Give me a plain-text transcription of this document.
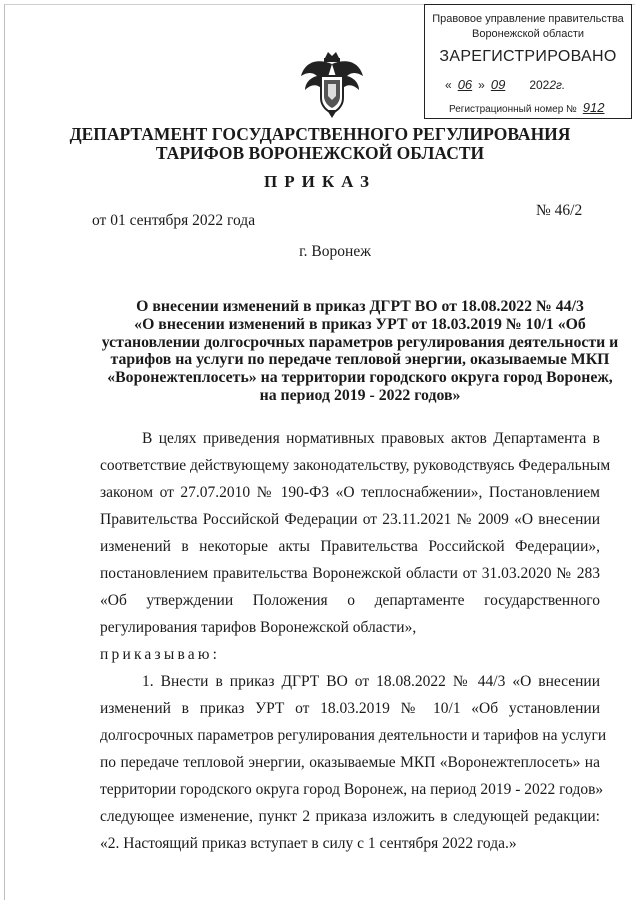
Правовое управление правительства
Воронежской области
ЗАРЕГИСТРИРОВАНО
« 06 » 09 2022г.
Регистрационный номер № 912
ДЕПАРТАМЕНТ ГОСУДАРСТВЕННОГО РЕГУЛИРОВАНИЯ
ТАРИФОВ ВОРОНЕЖСКОЙ ОБЛАСТИ
ПРИКАЗ
от 01 сентября 2022 года
№ 46/2
г. Воронеж
О внесении изменений в приказ ДГРТ ВО от 18.08.2022 № 44/3
«О внесении изменений в приказ УРТ от 18.03.2019 № 10/1 «Об
установлении долгосрочных параметров регулирования деятельности и
тарифов на услуги по передаче тепловой энергии, оказываемые МКП
«Воронежтеплосеть» на территории городского округа город Воронеж,
на период 2019 - 2022 годов»
В целях приведения нормативных правовых актов Департамента в
соответствие действующему законодательству, руководствуясь Федеральным
законом от 27.07.2010 № 190-ФЗ «О теплоснабжении», Постановлением
Правительства Российской Федерации от 23.11.2021 № 2009 «О внесении
изменений в некоторые акты Правительства Российской Федерации»,
постановлением правительства Воронежской области от 31.03.2020 № 283
«Об утверждении Положения о департаменте государственного
регулирования тарифов Воронежской области»,
приказываю:
1. Внести в приказ ДГРТ ВО от 18.08.2022 № 44/3 «О внесении
изменений в приказ УРТ от 18.03.2019 № 10/1 «Об установлении
долгосрочных параметров регулирования деятельности и тарифов на услуги
по передаче тепловой энергии, оказываемые МКП «Воронежтеплосеть» на
территории городского округа город Воронеж, на период 2019 - 2022 годов»
следующее изменение, пункт 2 приказа изложить в следующей редакции:
«2. Настоящий приказ вступает в силу с 1 сентября 2022 года.»
